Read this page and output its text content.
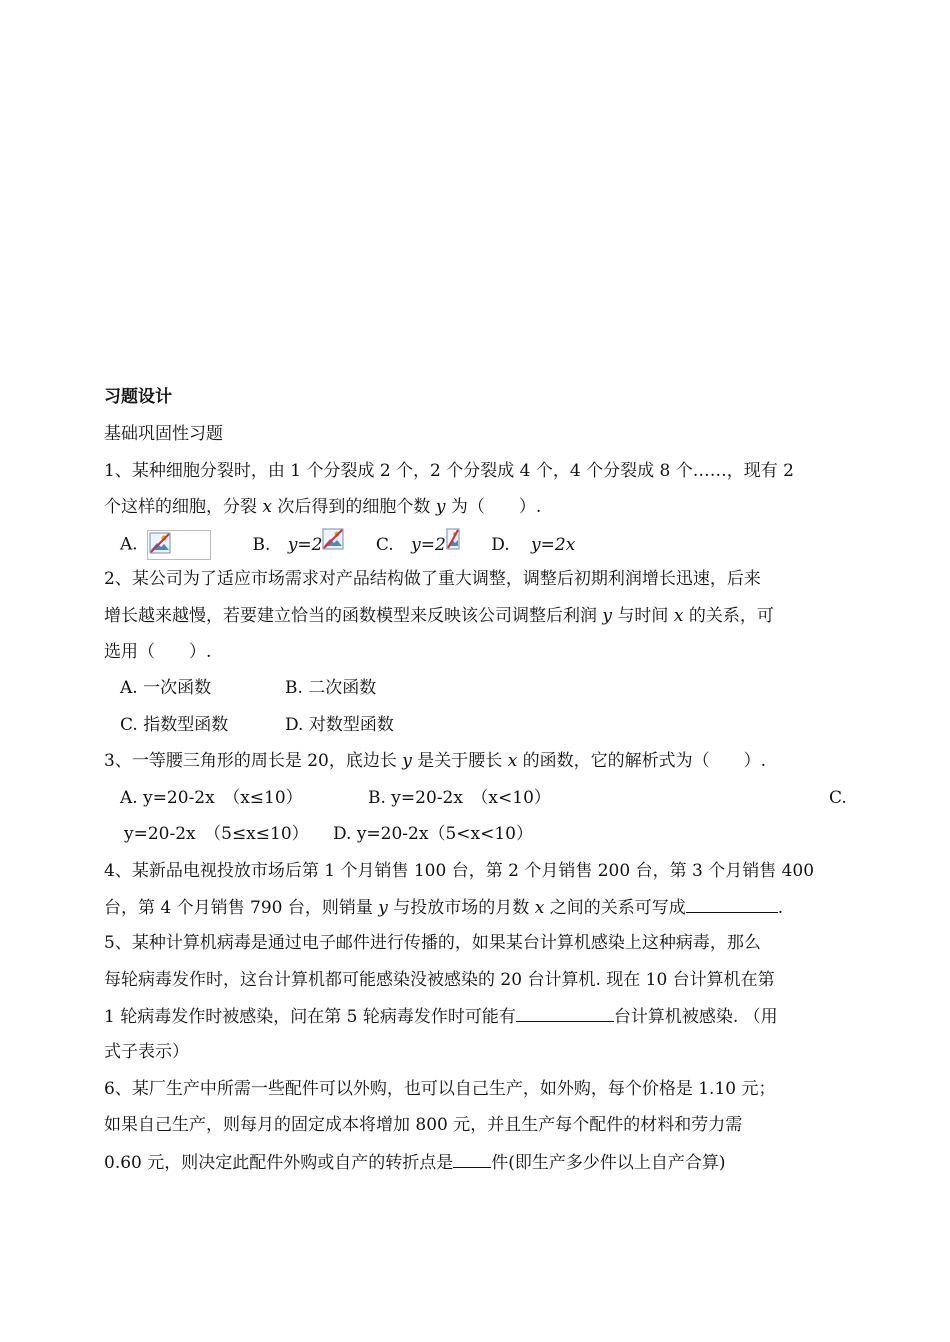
习题设计
基础巩固性习题
1、某种细胞分裂时，由 1 个分裂成 2 个，2 个分裂成 4 个，4 个分裂成 8 个……，现有 2
个这样的细胞，分裂 x 次后得到的细胞个数 y 为（　　）.
A.	B. y=2	C. y=2	D. y=2x
2、某公司为了适应市场需求对产品结构做了重大调整，调整后初期利润增长迅速，后来
增长越来越慢，若要建立恰当的函数模型来反映该公司调整后利润 y 与时间 x 的关系，可
选用（　　）.
A. 一次函数	B. 二次函数
C. 指数型函数	D. 对数型函数
3、一等腰三角形的周长是 20，底边长 y 是关于腰长 x 的函数，它的解析式为（　　）.
A. y=20-2x　（x≤10）	B. y=20-2x　（x<10）	C.
y=20-2x　（5≤x≤10） D. y=20-2x（5<x<10）
4、某新品电视投放市场后第 1 个月销售 100 台，第 2 个月销售 200 台，第 3 个月销售 400
台，第 4 个月销售 790 台，则销量 y 与投放市场的月数 x 之间的关系可写成	.
5、某种计算机病毒是通过电子邮件进行传播的，如果某台计算机感染上这种病毒，那么
每轮病毒发作时，这台计算机都可能感染没被感染的 20 台计算机. 现在 10 台计算机在第
1 轮病毒发作时被感染，问在第 5 轮病毒发作时可能有	台计算机被感染. （用
式子表示）
6、某厂生产中所需一些配件可以外购，也可以自己生产，如外购，每个价格是 1.10 元；
如果自己生产，则每月的固定成本将增加 800 元，并且生产每个配件的材料和劳力需
0.60 元，则决定此配件外购或自产的转折点是 件(即生产多少件以上自产合算)
